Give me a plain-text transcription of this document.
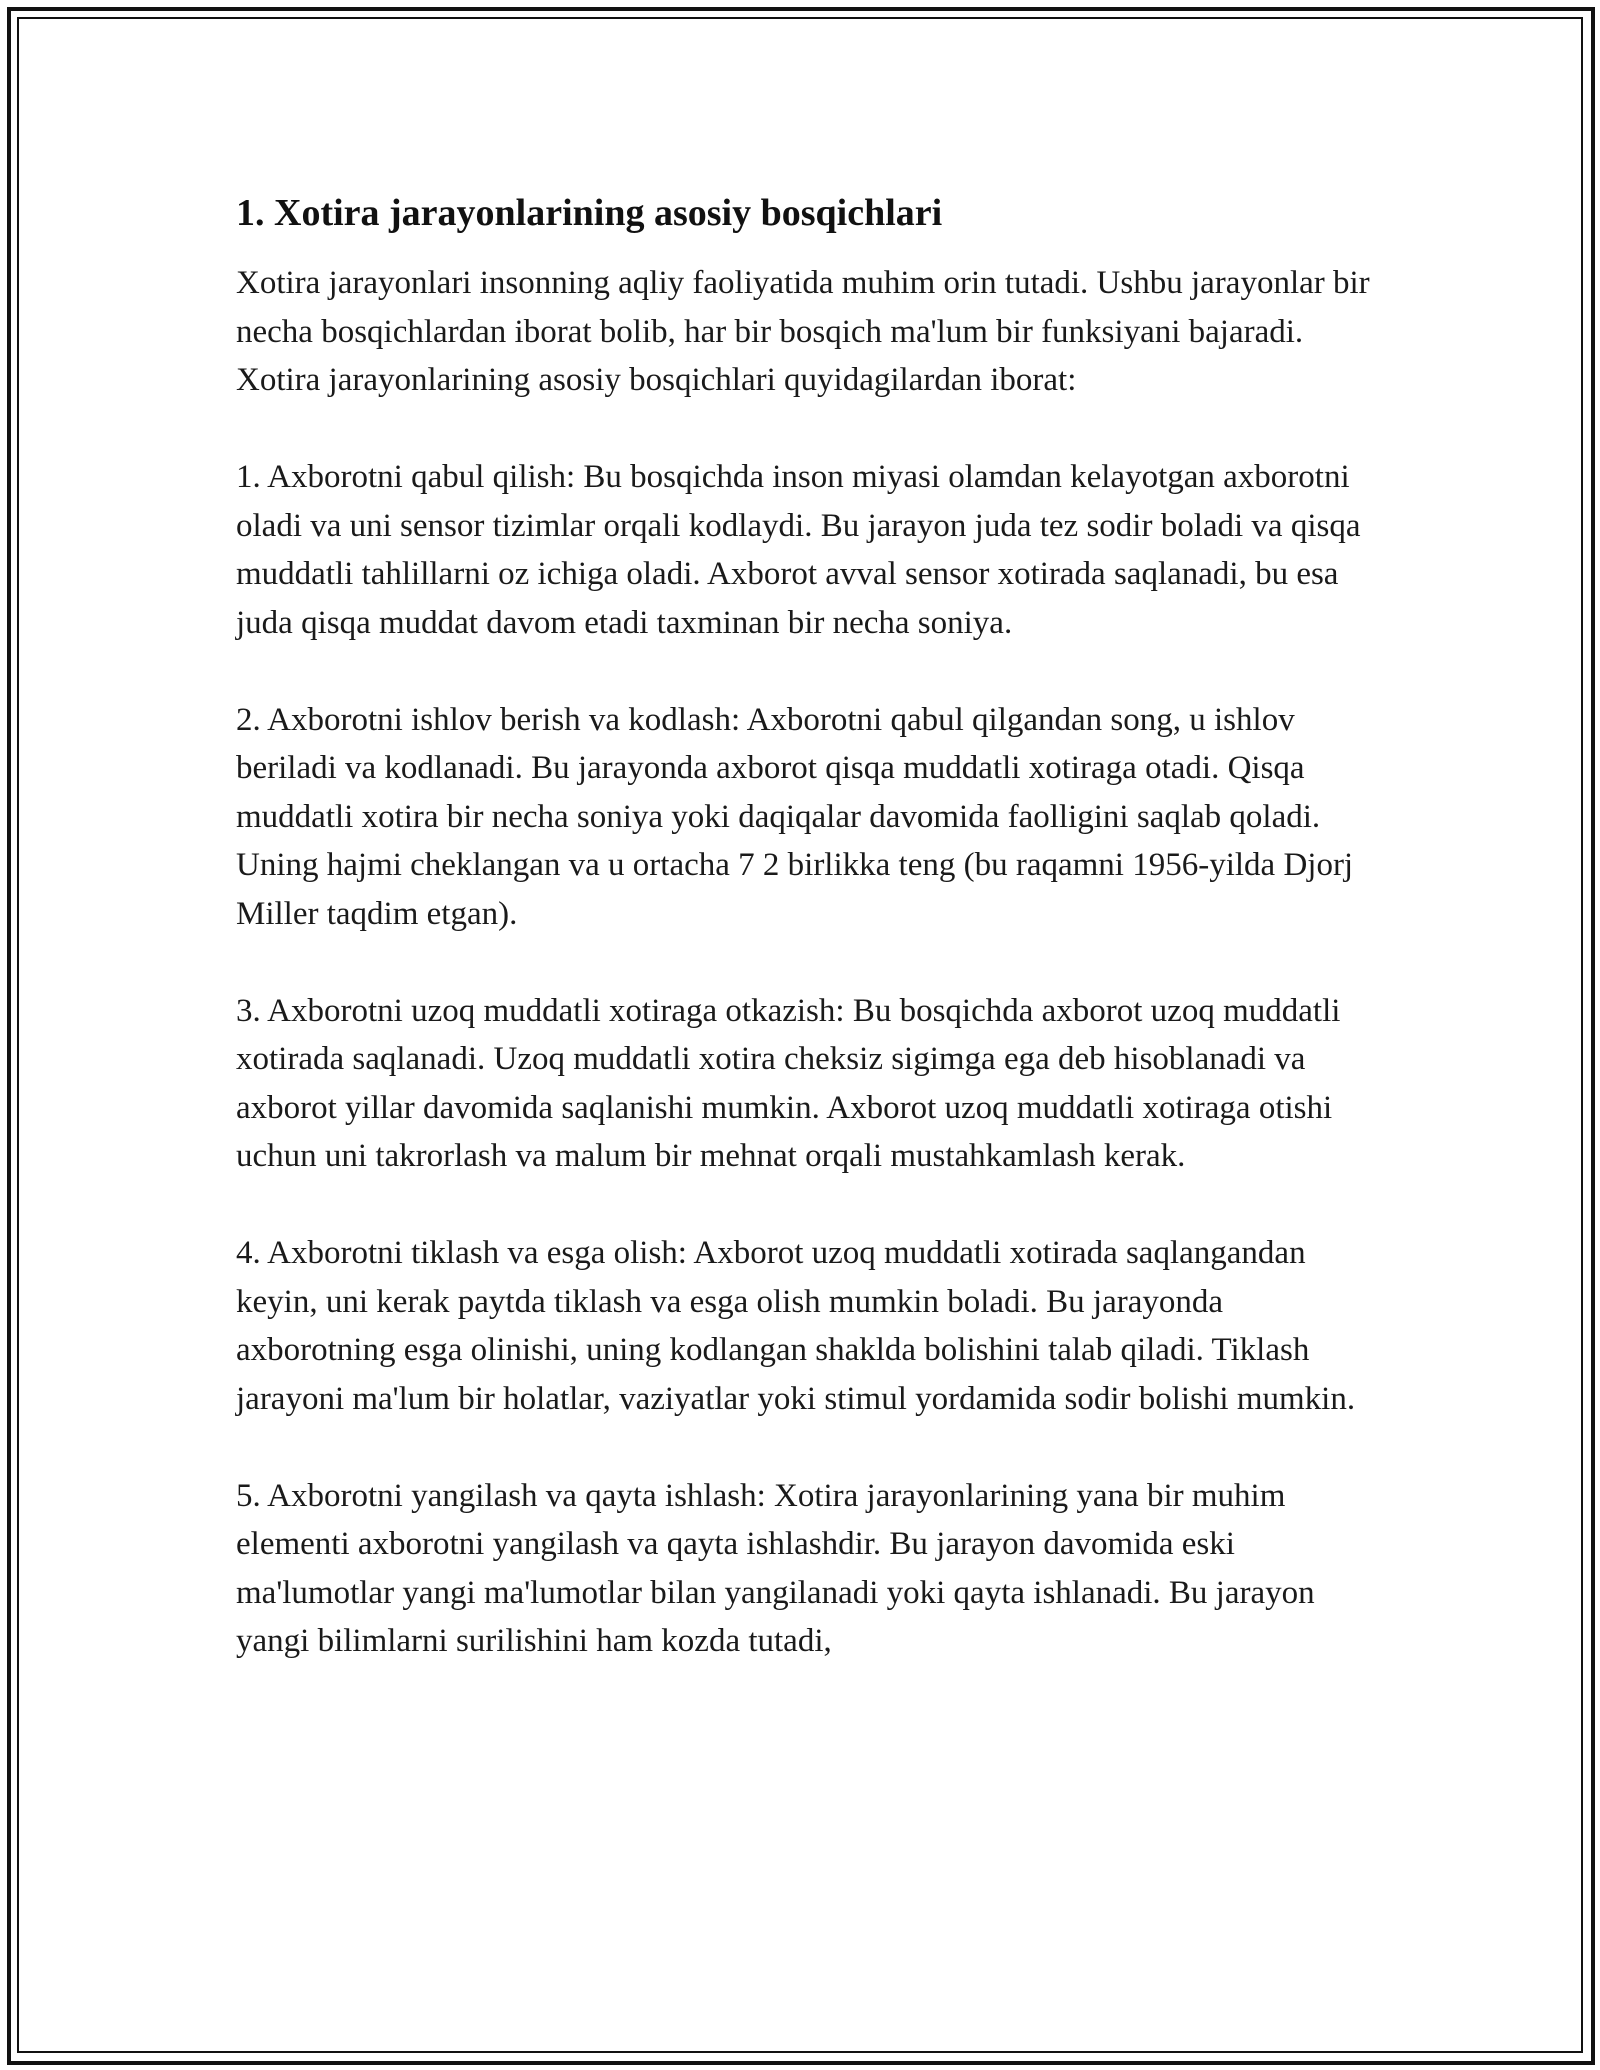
1. Xotira jarayonlarining asosiy bosqichlari

Xotira jarayonlari insonning aqliy faoliyatida muhim orin tutadi. Ushbu jarayonlar bir necha bosqichlardan iborat bolib, har bir bosqich ma'lum bir funksiyani bajaradi. Xotira jarayonlarining asosiy bosqichlari quyidagilardan iborat:

1. Axborotni qabul qilish: Bu bosqichda inson miyasi olamdan kelayotgan axborotni oladi va uni sensor tizimlar orqali kodlaydi. Bu jarayon juda tez sodir boladi va qisqa muddatli tahlillarni oz ichiga oladi. Axborot avval sensor xotirada saqlanadi, bu esa juda qisqa muddat davom etadi taxminan bir necha soniya.

2. Axborotni ishlov berish va kodlash: Axborotni qabul qilgandan song, u ishlov beriladi va kodlanadi. Bu jarayonda axborot qisqa muddatli xotiraga otadi. Qisqa muddatli xotira bir necha soniya yoki daqiqalar davomida faolligini saqlab qoladi. Uning hajmi cheklangan va u ortacha 7 2 birlikka teng (bu raqamni 1956-yilda Djorj Miller taqdim etgan).

3. Axborotni uzoq muddatli xotiraga otkazish: Bu bosqichda axborot uzoq muddatli xotirada saqlanadi. Uzoq muddatli xotira cheksiz sigimga ega deb hisoblanadi va axborot yillar davomida saqlanishi mumkin. Axborot uzoq muddatli xotiraga otishi uchun uni takrorlash va malum bir mehnat orqali mustahkamlash kerak.

4. Axborotni tiklash va esga olish: Axborot uzoq muddatli xotirada saqlangandan keyin, uni kerak paytda tiklash va esga olish mumkin boladi. Bu jarayonda axborotning esga olinishi, uning kodlangan shaklda bolishini talab qiladi. Tiklash jarayoni ma'lum bir holatlar, vaziyatlar yoki stimul yordamida sodir bolishi mumkin.

5. Axborotni yangilash va qayta ishlash: Xotira jarayonlarining yana bir muhim elementi axborotni yangilash va qayta ishlashdir. Bu jarayon davomida eski ma'lumotlar yangi ma'lumotlar bilan yangilanadi yoki qayta ishlanadi. Bu jarayon yangi bilimlarni surilishini ham kozda tutadi,
